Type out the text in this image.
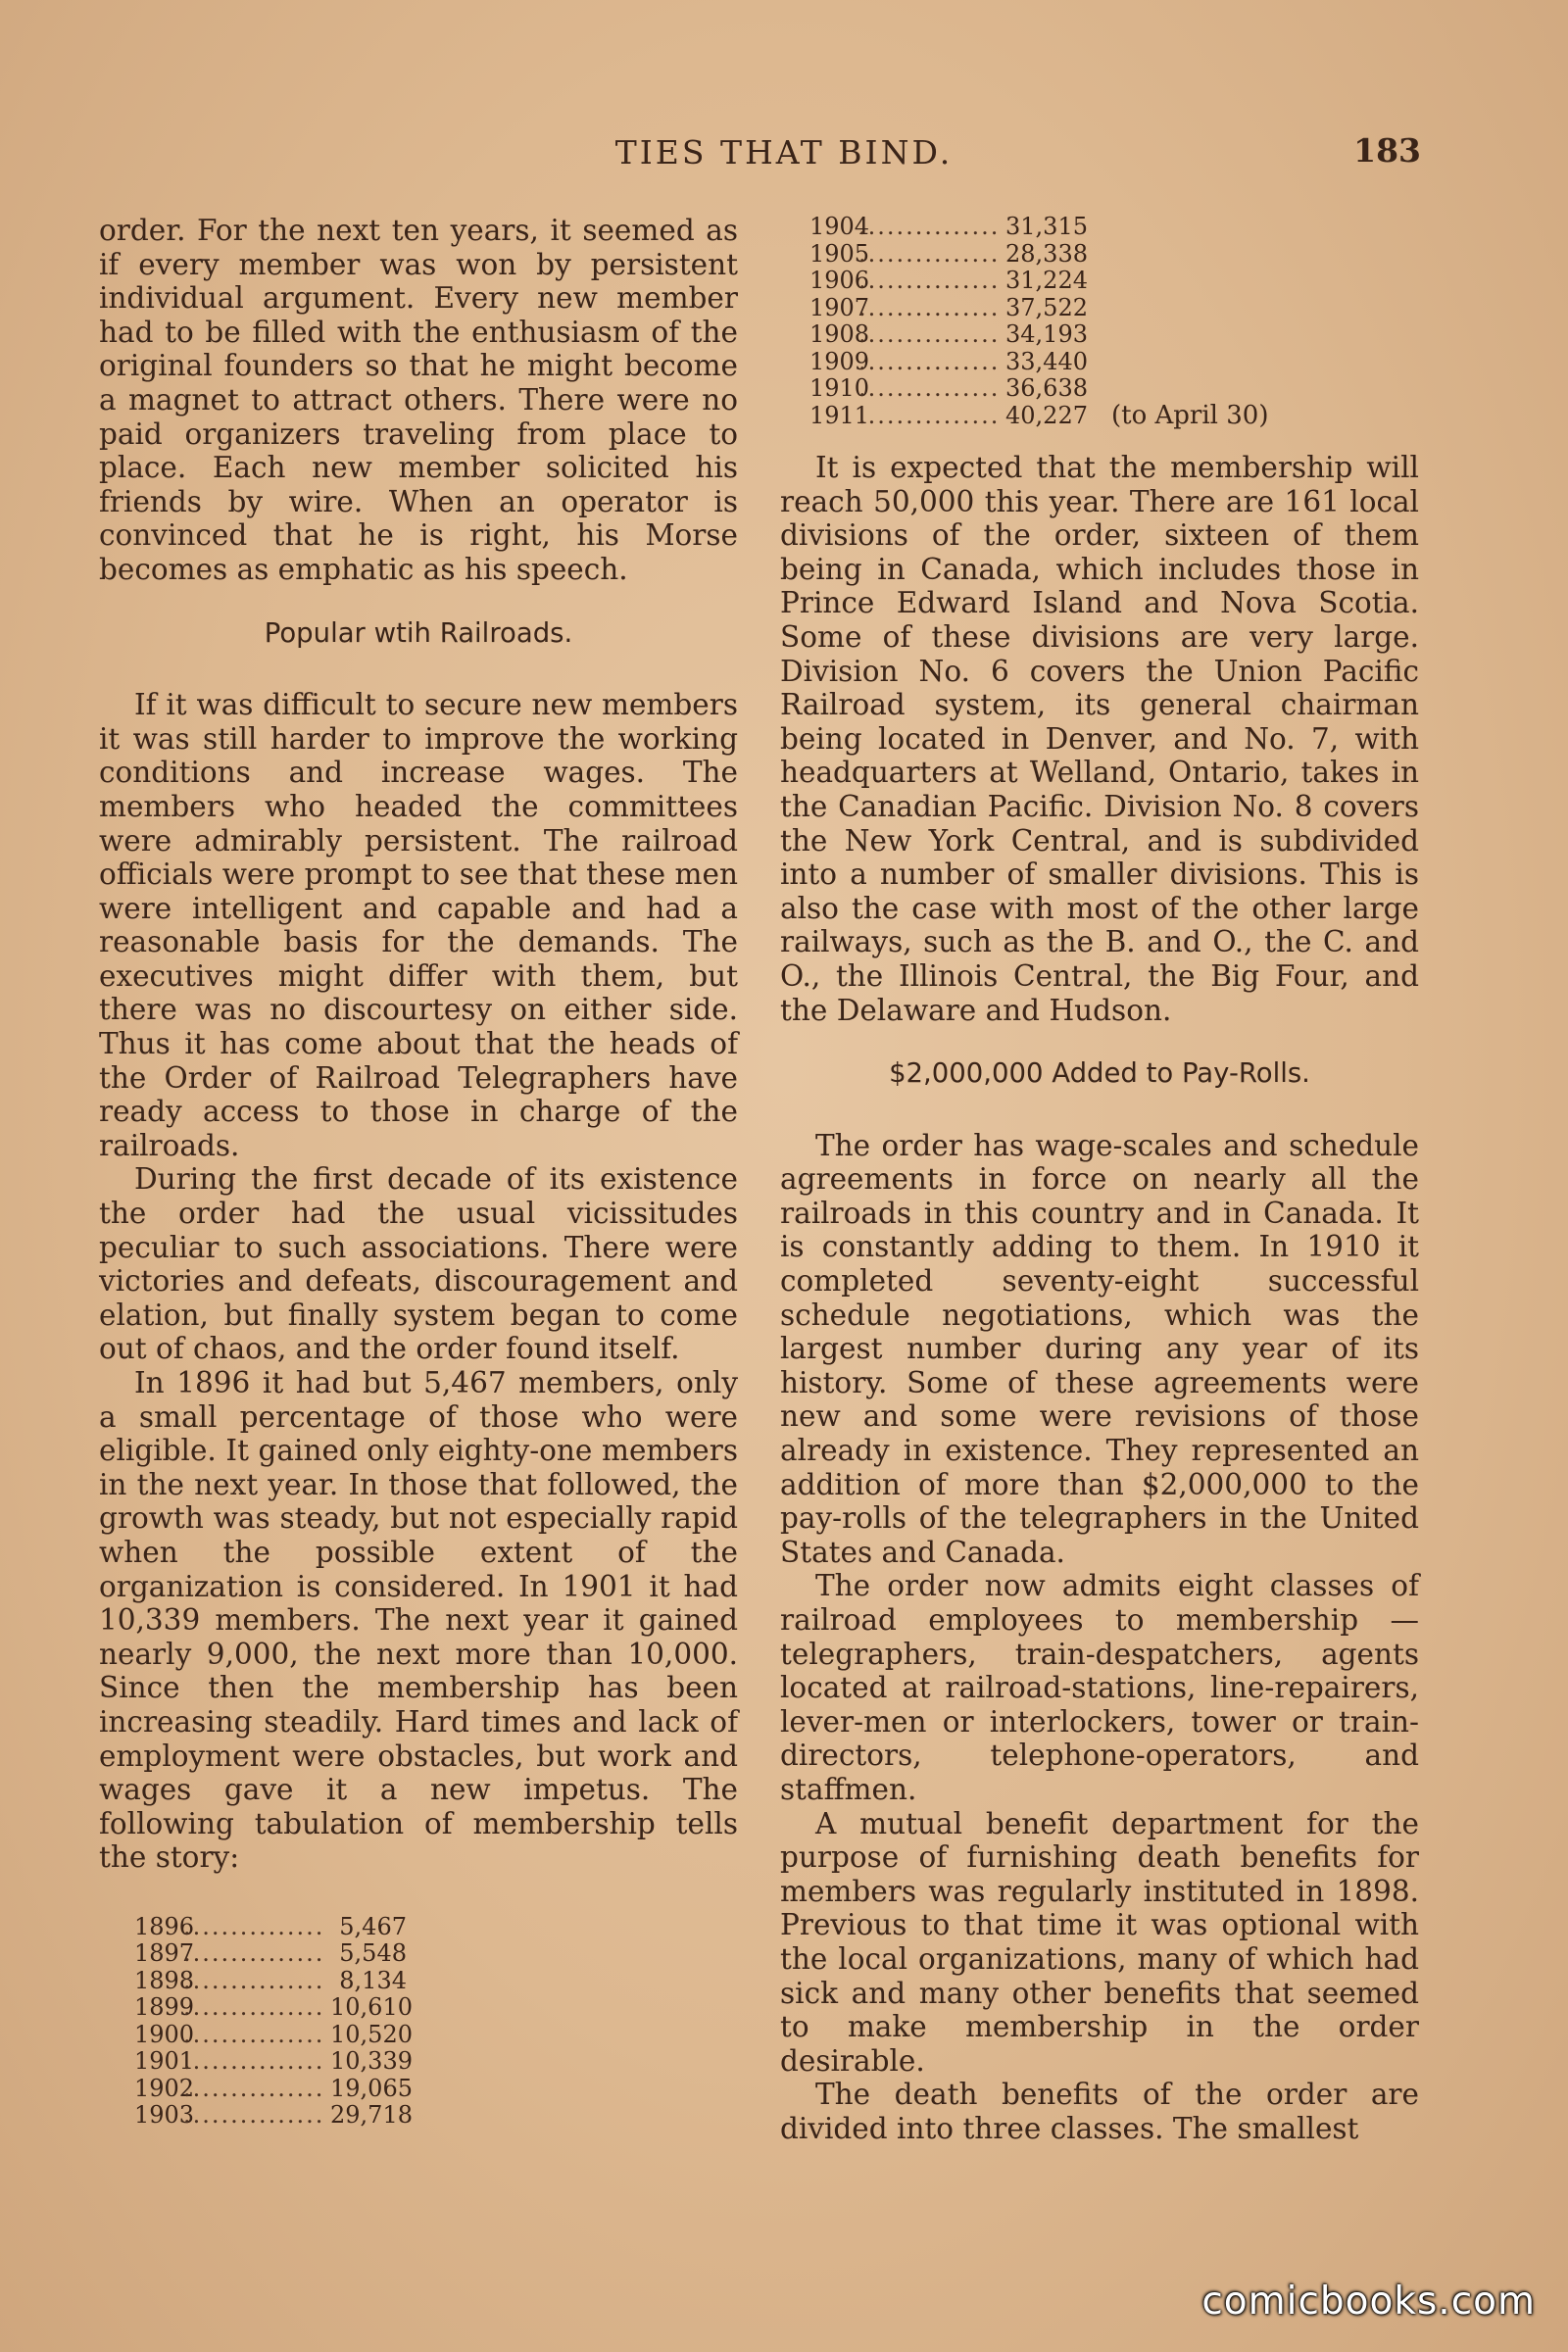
TIES THAT BIND.	183

order. For the next ten years, it seemed as if every member was won by persistent individual argument. Every new member had to be filled with the enthusiasm of the original founders so that he might become a magnet to attract others. There were no paid organizers traveling from place to place. Each new member solicited his friends by wire. When an operator is convinced that he is right, his Morse becomes as emphatic as his speech.

Popular wtih Railroads.

If it was difficult to secure new members it was still harder to improve the working conditions and increase wages. The members who headed the committees were admirably persistent. The railroad officials were prompt to see that these men were intelligent and capable and had a reasonable basis for the demands. The executives might differ with them, but there was no discourtesy on either side. Thus it has come about that the heads of the Order of Railroad Telegraphers have ready access to those in charge of the railroads.

During the first decade of its existence the order had the usual vicissitudes peculiar to such associations. There were victories and defeats, discouragement and elation, but finally system began to come out of chaos, and the order found itself.

In 1896 it had but 5,467 members, only a small percentage of those who were eligible. It gained only eighty-one members in the next year. In those that followed, the growth was steady, but not especially rapid when the possible extent of the organization is considered. In 1901 it had 10,339 members. The next year it gained nearly 9,000, the next more than 10,000. Since then the membership has been increasing steadily. Hard times and lack of employment were obstacles, but work and wages gave it a new impetus. The following tabulation of membership tells the story:

1896
............... 5,467
1897
............... 5,548
1898
............... 8,134
1899
............... 10,610
1900
............... 10,520
1901
............... 10,339
1902
............... 19,065
1903
............... 29,718
1904
............... 31,315
1905
............... 28,338
1906
............... 31,224
1907
............... 37,522
1908
............... 34,193
1909
............... 33,440
1910
............... 36,638
1911
............... 40,227 (to April 30)

It is expected that the membership will reach 50,000 this year. There are 161 local divisions of the order, sixteen of them being in Canada, which includes those in Prince Edward Island and Nova Scotia. Some of these divisions are very large. Division No. 6 covers the Union Pacific Railroad system, its general chairman being located in Denver, and No. 7, with headquarters at Welland, Ontario, takes in the Canadian Pacific. Division No. 8 covers the New York Central, and is subdivided into a number of smaller divisions. This is also the case with most of the other large railways, such as the B. and O., the C. and O., the Illinois Central, the Big Four, and the Delaware and Hudson.

$2,000,000 Added to Pay-Rolls.

The order has wage-scales and schedule agreements in force on nearly all the railroads in this country and in Canada. It is constantly adding to them. In 1910 it completed seventy-eight successful schedule negotiations, which was the largest number during any year of its history. Some of these agreements were new and some were revisions of those already in existence. They represented an addition of more than $2,000,000 to the pay-rolls of the telegraphers in the United States and Canada.

The order now admits eight classes of railroad employees to membership — telegraphers, train-despatchers, agents located at railroad-stations, line-repairers, lever-men or interlockers, tower or train-directors, telephone-operators, and staffmen.

A mutual benefit department for the purpose of furnishing death benefits for members was regularly instituted in 1898. Previous to that time it was optional with the local organizations, many of which had sick and many other benefits that seemed to make membership in the order desirable.

The death benefits of the order are divided into three classes. The smallest

comicbooks.com
